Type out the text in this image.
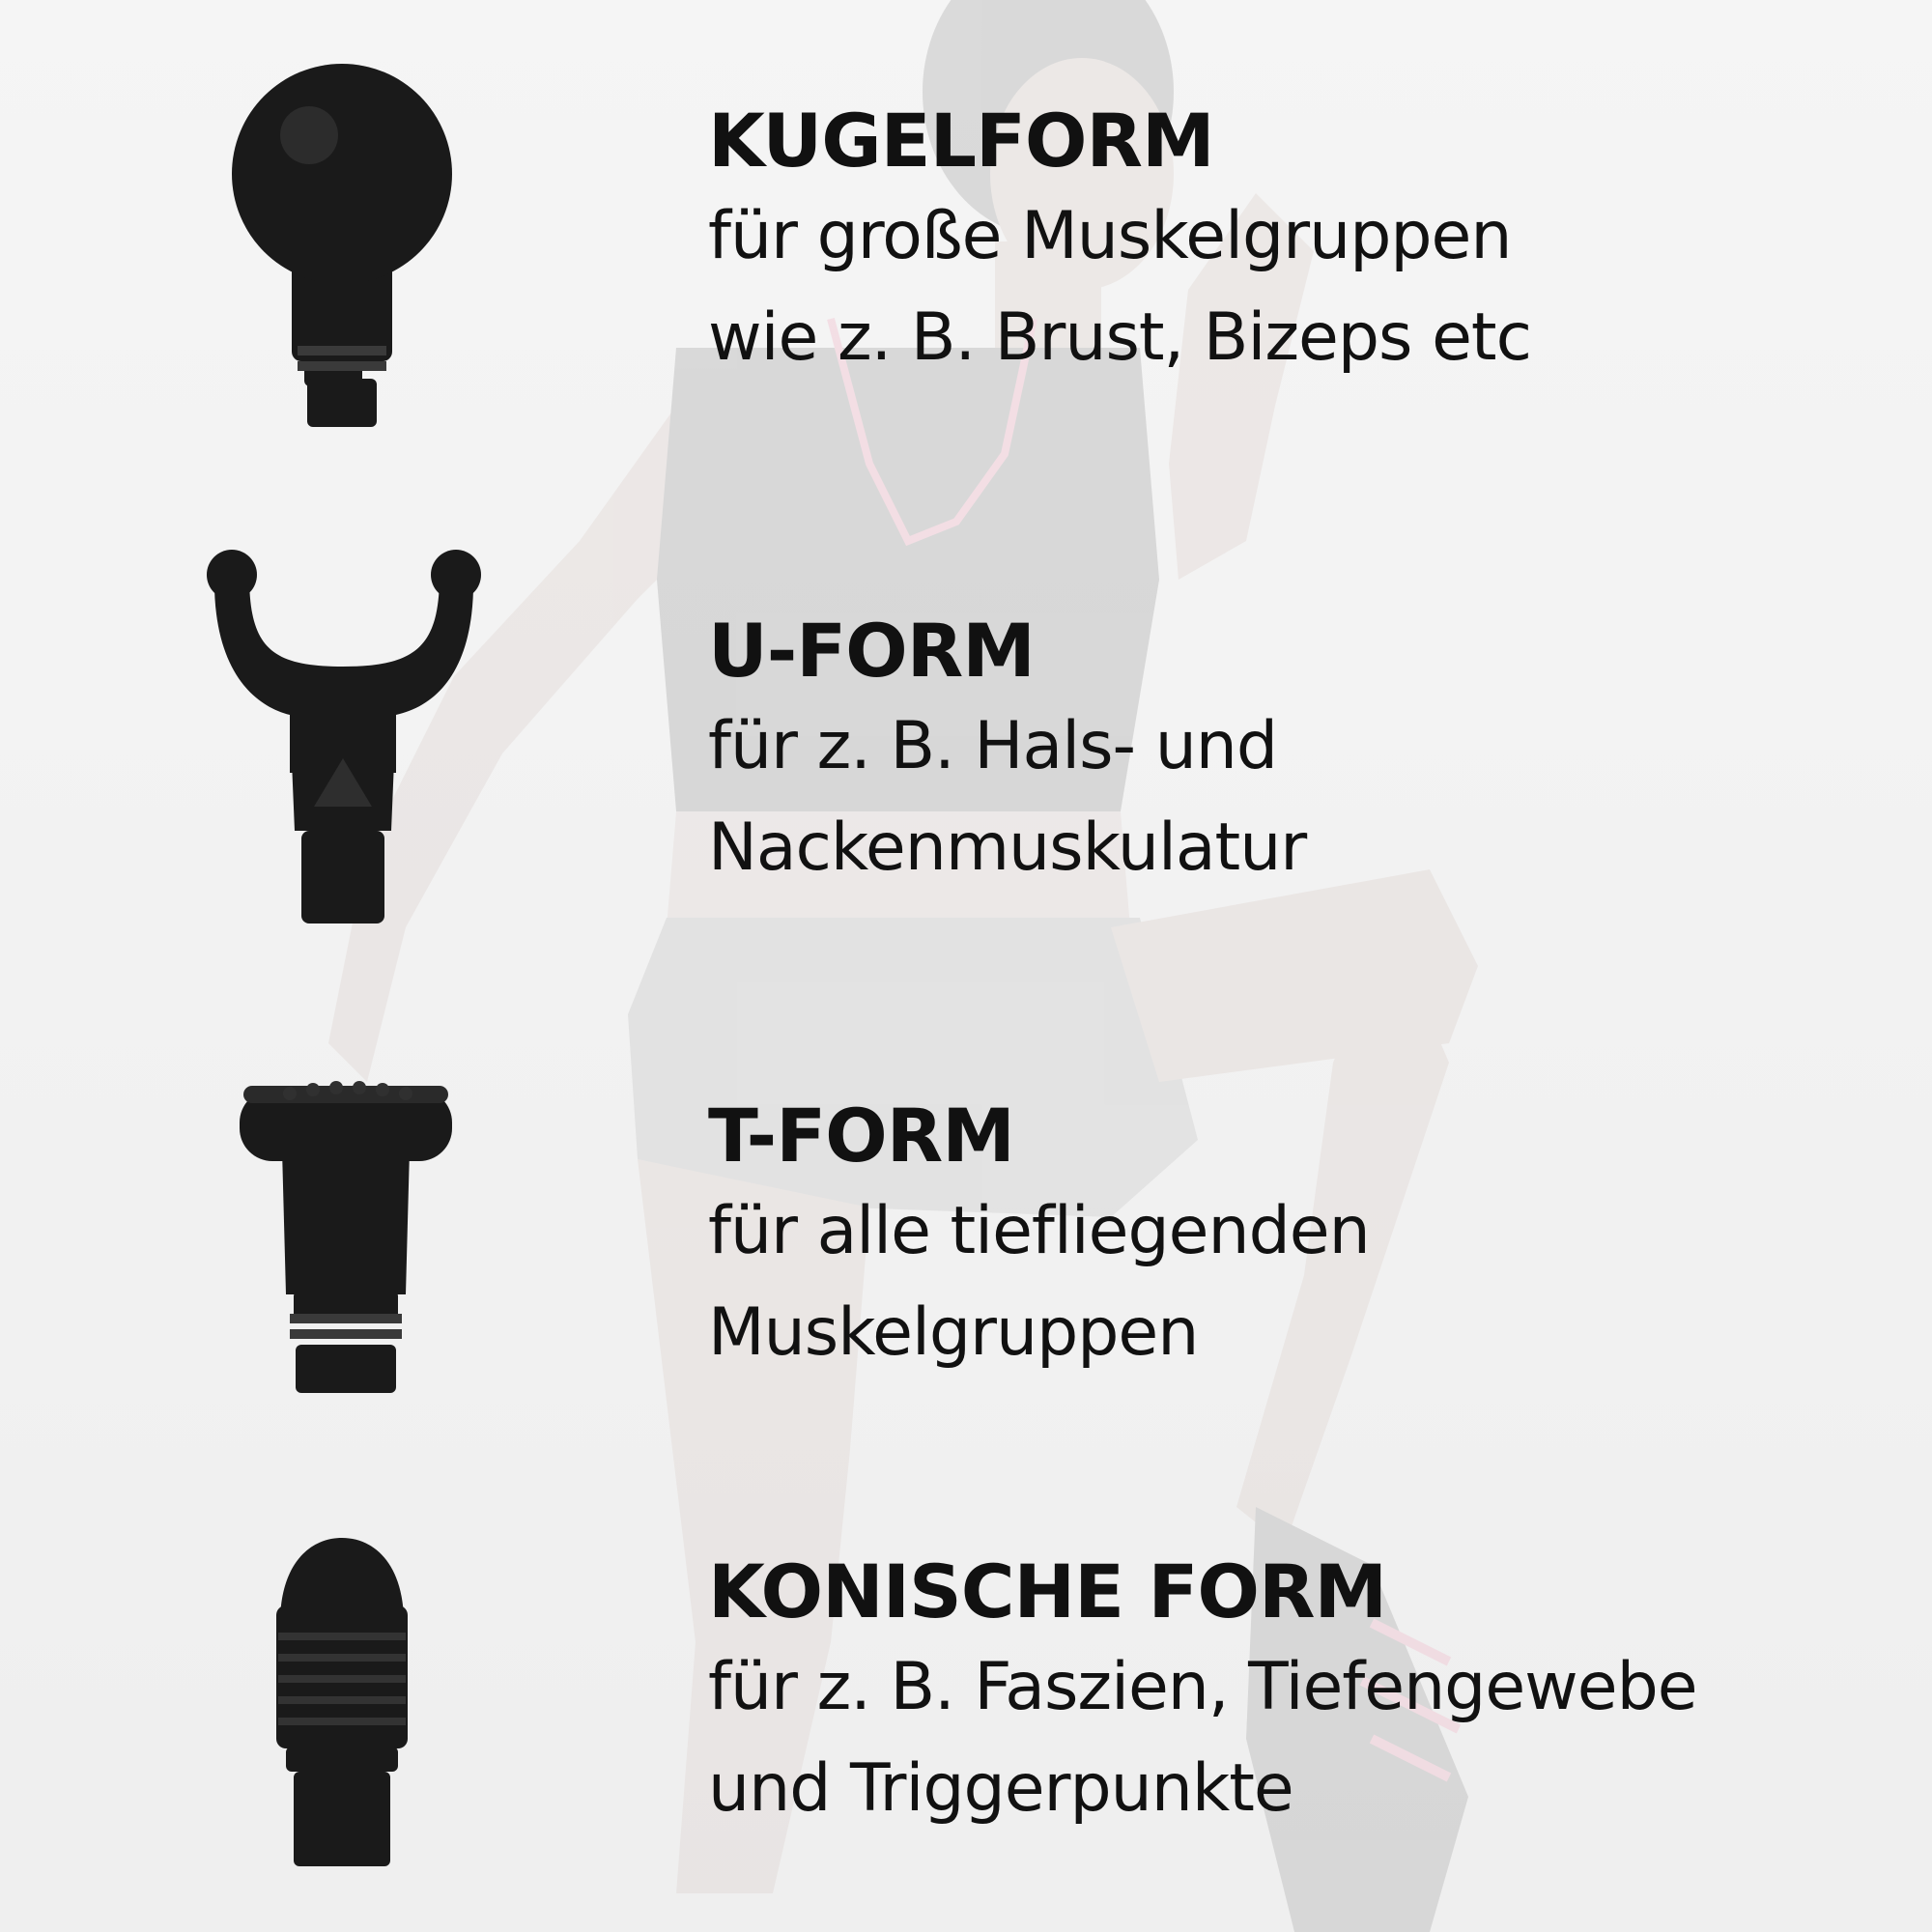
KUGELFORM
für große Muskelgruppen
wie z. B. Brust, Bizeps etc
U-FORM
für z. B. Hals- und
Nackenmuskulatur
T-FORM
für alle tiefliegenden
Muskelgruppen
KONISCHE FORM
für z. B. Faszien, Tiefengewebe
und Triggerpunkte
